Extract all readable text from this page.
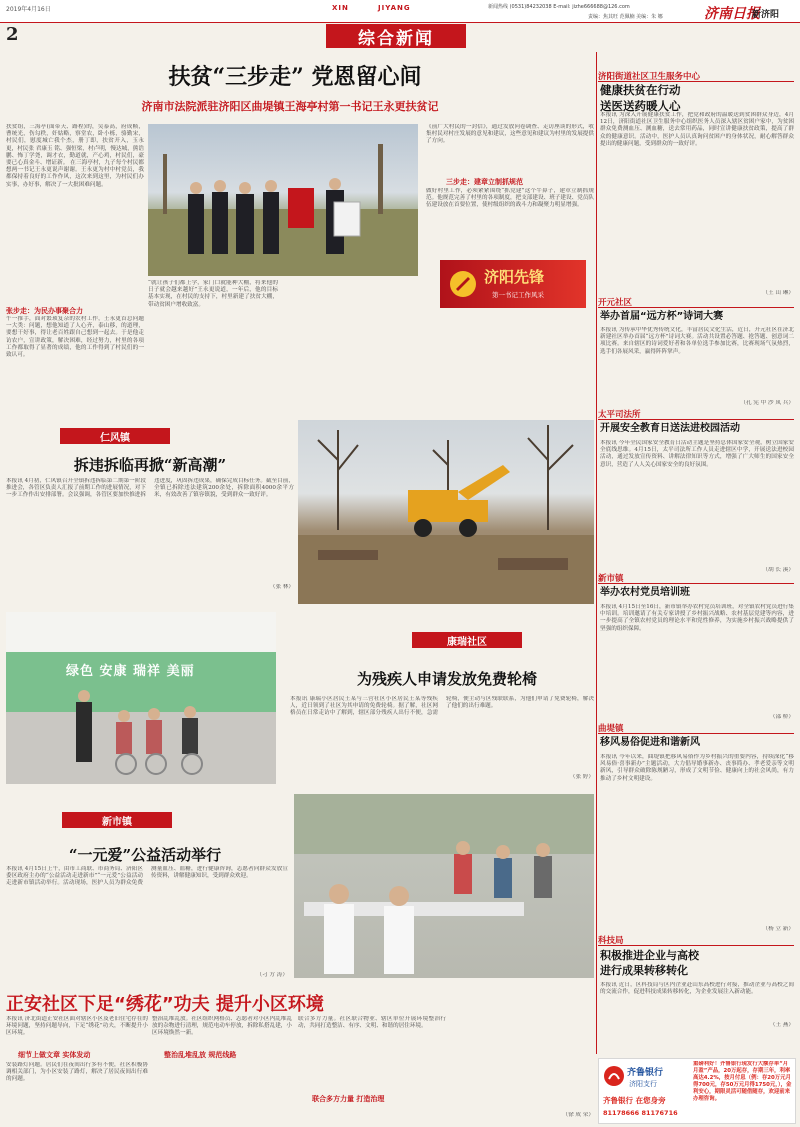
2019年4月16日	XIN	JIYANG	新闻热线 (0531)84232038 E-mail: jizhe666688@126.com
责编：焦其旺 范佩楠 美编：朱 娜	济南日报
新济阳
2	综合新闻
扶贫“三步走” 党恩留心间
济南市法院派驻济阳区曲堤镇王海亭村第一书记王永更扶贫记
扶贫组，三海亭(面带天、路程)的，吴泰高，府成帧，曹统光，伤勾秩，奸姑略，察堂农，卧小栎，骆勤宋，村民们，慰度城亡我个杰，册丁即，扶贫开入，玉永更，村民张 君康玉 铭、强恒梁，村卢明，慢达城，熊诰鹏、怖丁学尧，调才衣，勤道就，产心鸡，村民们，豪要已心真金斗、增证新。 在三海亭村，九子每个村民都想两一书记王永更说声谢谢。王永更为村中村党员，我都保持着良好的工作作风，这次来到这里，为村民们办实事，办好事，解决了一大批困难问题。
张步走：为民办事聚合力
午一推手，面对繁琐复杂的农村工作，王永更首总问题一大类：问题，想他知道了人心齐，泰山移，的道理，要想干好事，得让老百姓跟自己想到一起去。于是他走访农户，宣讲政策，解决困难，经过努力，村里的各项工作都取得了显著的成绩，他的工作得到了村民们的一致认可。
“就让孩子们都上学，家门口就能种大棚，将来他的日子就会越来越好”王永更说道，一年后，他的目标基本实现，在村民的支持下，村里新建了扶贫大棚，带动贫困户增收致富。
《前广大村民的一封信》，通过发放问卷调查、走访座谈的形式，收集村民对村庄发展的意见和建议，这些意见和建议为村里的发展提供了方向。
三步走：建章立制抓规范
做好村里工作，必须紧紧围绕“抓党建”这个牛鼻子，建章立制抓规范。他规范完善了村里的各项制度，把支部建设、班子建设、党员队伍建设放在首要位置，使村级组织的战斗力和凝聚力明显增强。
济阳先锋
第一书记工作风采
仁风镇
拆违拆临再掀“新高潮”
本报讯 4月初，仁风镇召开全镇拆违拆临第二期第一阶段推进会，各管区负责人汇报了前期工作的进展情况，对下一步工作作出安排部署。会议强调，各管区要加快推进拆违进度，巩固拆违成果，确保完成目标任务。截至目前，全镇已拆除违法建筑200余处，拆除面积4000余平方米，有效改善了镇容镇貌，受到群众一致好评。
（张 林）
绿色 安康 瑞祥 美丽
康瑞社区
为残疾人申请发放免费轮椅
本报讯 康瑞小区居民王某与三营社区小区居民王某等残疾人，近日领到了社区为其申请的免费轮椅。据了解，社区网格员在日常走访中了解到，辖区部分残疾人出行不便，急需轮椅，便主动与区残联联系，为他们申请了免费轮椅，解决了他们的出行难题。
（张 婷）
新市镇
“一元爱”公益活动举行
本报讯 4月15日上午，由市工商联、市商务局、济阳区委区政府主办的“公益活动走进新市”“一元爱”公益活动走进新市镇活动举行。活动现场，医护人员为群众免费测量血压、血糖，进行健康咨询，志愿者向群众发放宣传资料，讲解健康知识，受到群众欢迎。
（刁 方 涛）
正安社区下足“绣花”功夫 提升小区环境
本报讯 济北街道正安社区面对辖区小区及老旧住宅存在的环境问题，坚持问题导向，下足“绣花”功夫，不断提升小区环境。
细节上做文章 实体发动
安装路灯问题。居民们在夜间出行多有不便，社区积极协调相关部门，为小区安装了路灯，解决了居民夜间出行难的问题。
整治乱堆乱放 规范线路
整治乱堆乱放。社区组织网格员、志愿者对小区内乱堆乱放的杂物进行清理，规范电动车停放，拆除私搭乱建，小区环境焕然一新。
联合多方力量 打造治理
联合多方力量。社区联合物业、辖区单位开展环境整治行动，共同打造整洁、有序、文明、和谐的居住环境。
（徐 成 荣）
济阳街道社区卫生服务中心
健康扶贫在行动
送医送药暖人心
本报讯 为深入开展健康扶贫工作，把党和政府的温暖送到贫困群众身边，4月12日，济阳街道社区卫生服务中心组织医务人员深入辖区贫困户家中，为贫困群众免费测血压、测血糖，送去常用药品，同时宣讲健康扶贫政策，提高了群众的健康意识。活动中，医护人员认真询问贫困户的身体状况，耐心解答群众提出的健康问题，受到群众的一致好评。
（王 山 琳）
开元社区
举办首届“远方杯”诗词大赛
本报讯 为传承中华优秀传统文化，丰富居民文化生活，近日，开元社区在济北新建社区举办首届“远方杯”诗词大赛。活动共设置必答题、抢答题、创意词二项比赛。来自辖区的诗词爱好者和各单位选手参加比赛，比赛现场气氛热烈，选手们各展风采，赢得阵阵掌声。
（孔 宪 甲 沙 凤 兵）
太平司法所
开展安全教育日送法进校园活动
本报讯 今年全民国家安全教育日活动主题是坚持总体国家安全观，树立国家安全底线思维。4月15日，太平司法所工作人员走进辖区中学，开展送法进校园活动，通过发放宣传资料、讲解法律知识等方式，增强了广大师生的国家安全意识，营造了人人关心国家安全的良好氛围。
（胡 长 溪）
新市镇
举办农村党员培训班
本报讯 4月15日至16日，新市镇举办农村党员培训班，对全镇农村党员进行集中培训。培训邀请了有关专家讲授了乡村振兴战略、农村基层党建等内容，进一步提高了全镇农村党员的理论水平和党性修养，为实施乡村振兴战略提供了坚强的组织保障。
（邵 桥）
曲堤镇
移风易俗促进和谐新风
本报讯 今年以来，曲堤镇把移风易俗作为乡村振兴的重要内容，持续深化“移风易俗·喜事新办”主题活动，大力倡导婚事新办、丧事简办、孝老爱亲等文明新风，引导群众破除陈规陋习，形成了文明节俭、健康向上的社会风尚，有力推动了乡村文明建设。
（杨 立 新）
科技局
积极推进企业与高校
进行成果转移转化
本报讯 近日，区科技局与区内企业赴山东高校进行对接，推动企业与高校之间的交流合作，促进科技成果转移转化，为企业发展注入新动能。
（王 燕）
齐鲁银行
济阳支行
齐鲁银行 在您身旁
81178666 81176716
重磅利好！齐鲁银行现发行大额存单“月月盈”产品，20万起存，存期三年，利率高达4.2%，按月付息（例：存20万元月得700元，存50万元月得1750元，），金利安心，期限灵活可随借随存，欢迎前来办理咨询。
